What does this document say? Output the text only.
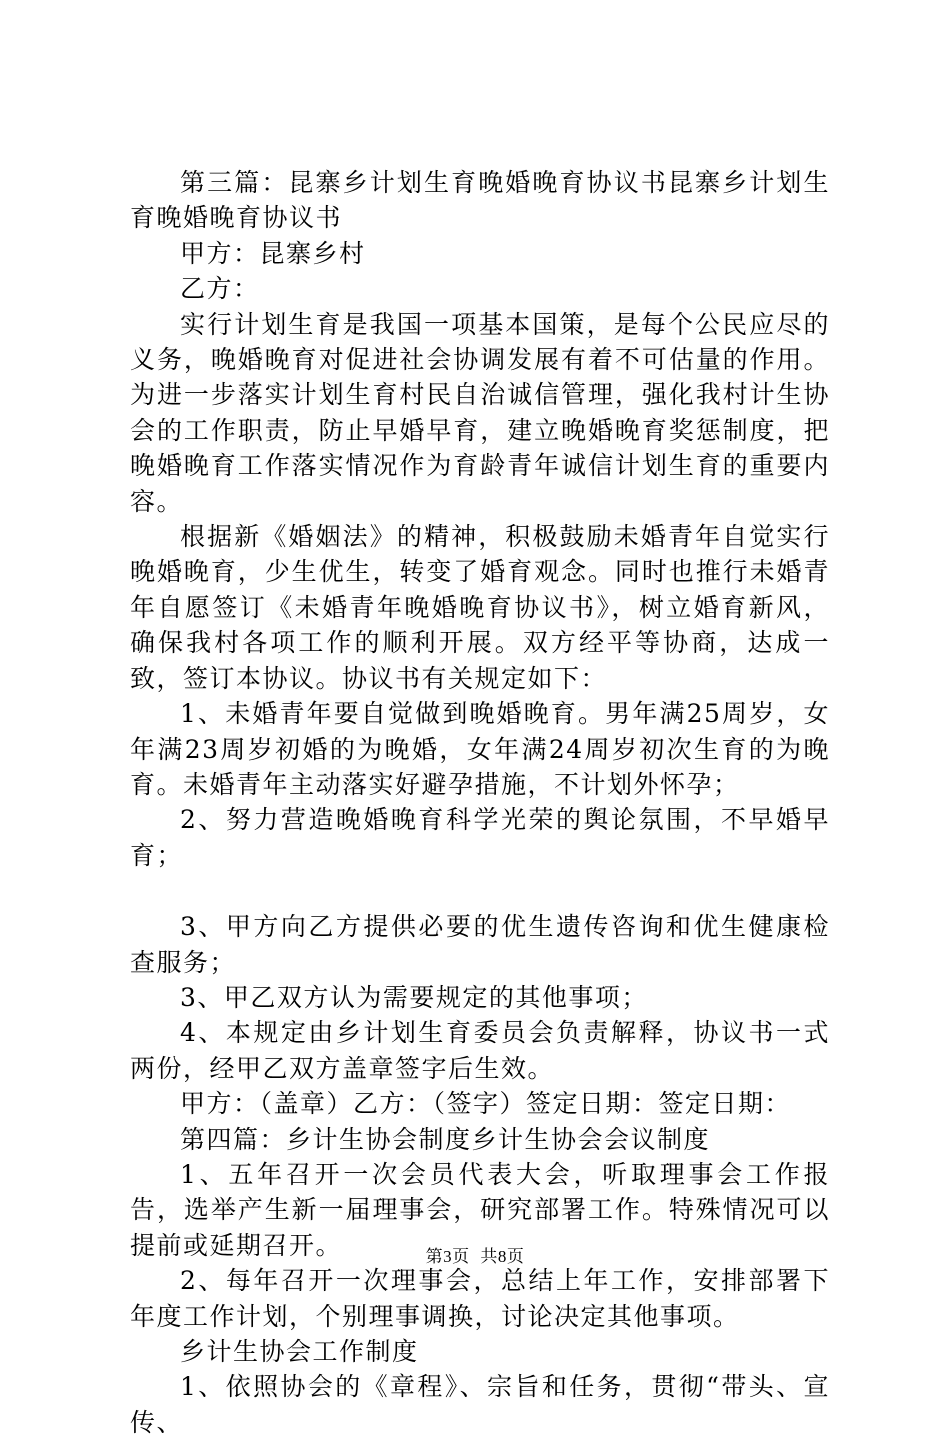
第三篇：昆寨乡计划生育晚婚晚育协议书昆寨乡计划生育晚婚晚育协议书

甲方：昆寨乡村

乙方：

实行计划生育是我国一项基本国策，是每个公民应尽的义务，晚婚晚育对促进社会协调发展有着不可估量的作用。为进一步落实计划生育村民自治诚信管理，强化我村计生协会的工作职责，防止早婚早育，建立晚婚晚育奖惩制度，把晚婚晚育工作落实情况作为育龄青年诚信计划生育的重要内容。

根据新《婚姻法》的精神，积极鼓励未婚青年自觉实行晚婚晚育，少生优生，转变了婚育观念。同时也推行未婚青年自愿签订《未婚青年晚婚晚育协议书》，树立婚育新风，确保我村各项工作的顺利开展。双方经平等协商，达成一致，签订本协议。协议书有关规定如下：

1、未婚青年要自觉做到晚婚晚育。男年满25周岁，女年满23周岁初婚的为晚婚，女年满24周岁初次生育的为晚育。未婚青年主动落实好避孕措施，不计划外怀孕；

2、努力营造晚婚晚育科学光荣的舆论氛围，不早婚早育；

3、甲方向乙方提供必要的优生遗传咨询和优生健康检查服务；

3、甲乙双方认为需要规定的其他事项；

4、本规定由乡计划生育委员会负责解释，协议书一式两份，经甲乙双方盖章签字后生效。

甲方：（盖章）乙方：（签字）签定日期：签定日期：

第四篇：乡计生协会制度乡计生协会会议制度

1、五年召开一次会员代表大会，听取理事会工作报告，选举产生新一届理事会，研究部署工作。特殊情况可以提前或延期召开。

2、每年召开一次理事会，总结上年工作，安排部署下年度工作计划，个别理事调换，讨论决定其他事项。

乡计生协会工作制度

1、依照协会的《章程》、宗旨和任务，贯彻“带头、宣传、

第3页 共8页
